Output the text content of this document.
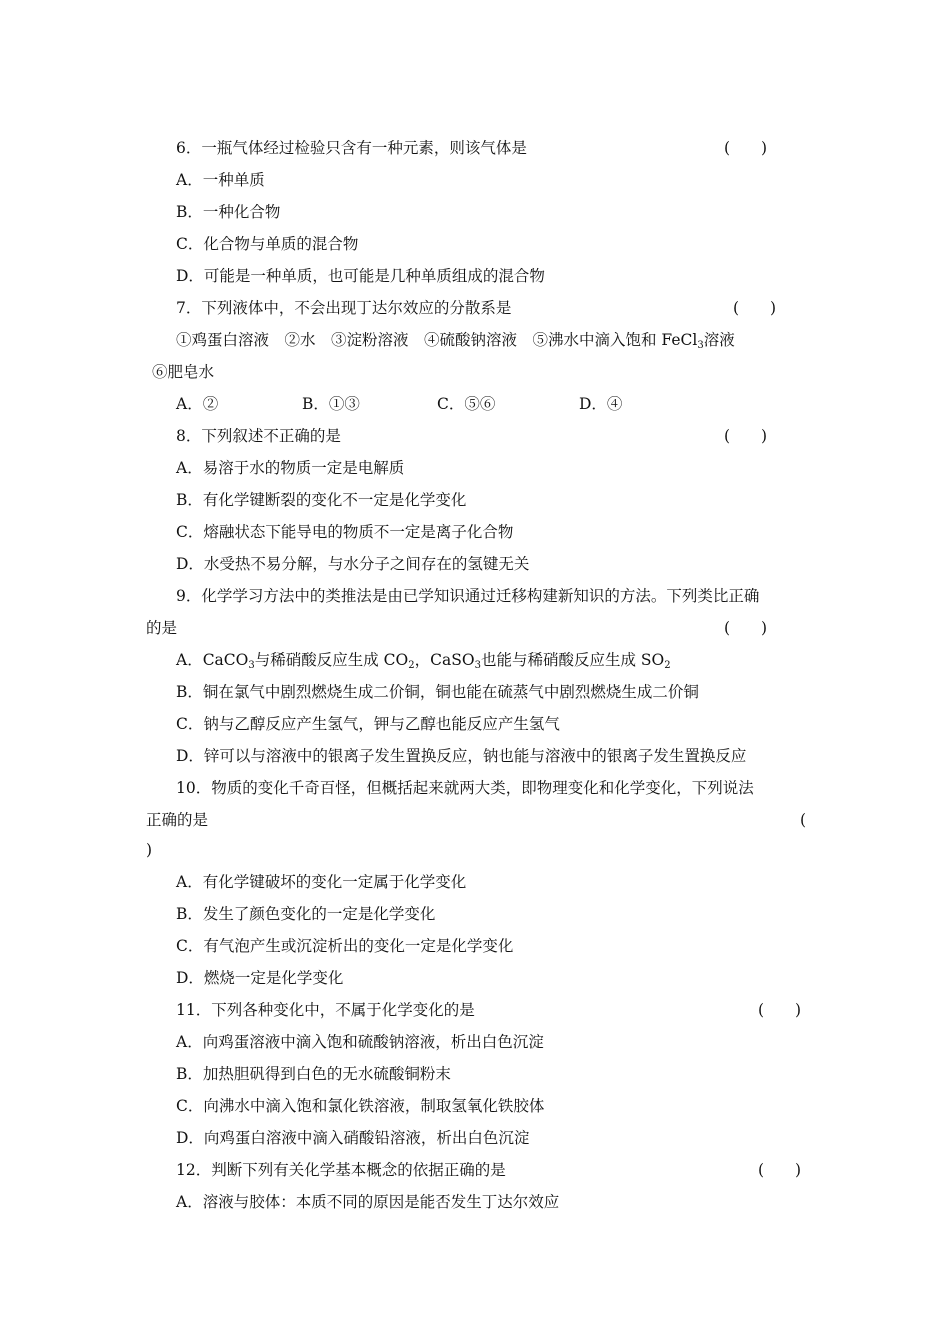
6．一瓶气体经过检验只含有一种元素，则该气体是	(　　)
A．一种单质
B．一种化合物
C．化合物与单质的混合物
D．可能是一种单质，也可能是几种单质组成的混合物
7．下列液体中，不会出现丁达尔效应的分散系是	(　　)
①鸡蛋白溶液　②水　③淀粉溶液　④硫酸钠溶液　⑤沸水中滴入饱和 FeCl$_3$溶液
⑥肥皂水
A．②	B．①③	C．⑤⑥	D．④
8．下列叙述不正确的是	(　　)
A．易溶于水的物质一定是电解质
B．有化学键断裂的变化不一定是化学变化
C．熔融状态下能导电的物质不一定是离子化合物
D．水受热不易分解，与水分子之间存在的氢键无关
9．化学学习方法中的类推法是由已学知识通过迁移构建新知识的方法。下列类比正确
的是	(　　)
A．CaCO$_3$与稀硝酸反应生成 $CO_2$，CaSO$_3$也能与稀硝酸反应生成 $SO_2$
B．铜在氯气中剧烈燃烧生成二价铜，铜也能在硫蒸气中剧烈燃烧生成二价铜
C．钠与乙醇反应产生氢气，钾与乙醇也能反应产生氢气
D．锌可以与溶液中的银离子发生置换反应，钠也能与溶液中的银离子发生置换反应
10．物质的变化千奇百怪，但概括起来就两大类，即物理变化和化学变化，下列说法
正确的是	(
)
A．有化学键破坏的变化一定属于化学变化
B．发生了颜色变化的一定是化学变化
C．有气泡产生或沉淀析出的变化一定是化学变化
D．燃烧一定是化学变化
11．下列各种变化中，不属于化学变化的是	(　　)
A．向鸡蛋溶液中滴入饱和硫酸钠溶液，析出白色沉淀
B．加热胆矾得到白色的无水硫酸铜粉末
C．向沸水中滴入饱和氯化铁溶液，制取氢氧化铁胶体
D．向鸡蛋白溶液中滴入硝酸铅溶液，析出白色沉淀
12．判断下列有关化学基本概念的依据正确的是	(　　)
A．溶液与胶体：本质不同的原因是能否发生丁达尔效应
